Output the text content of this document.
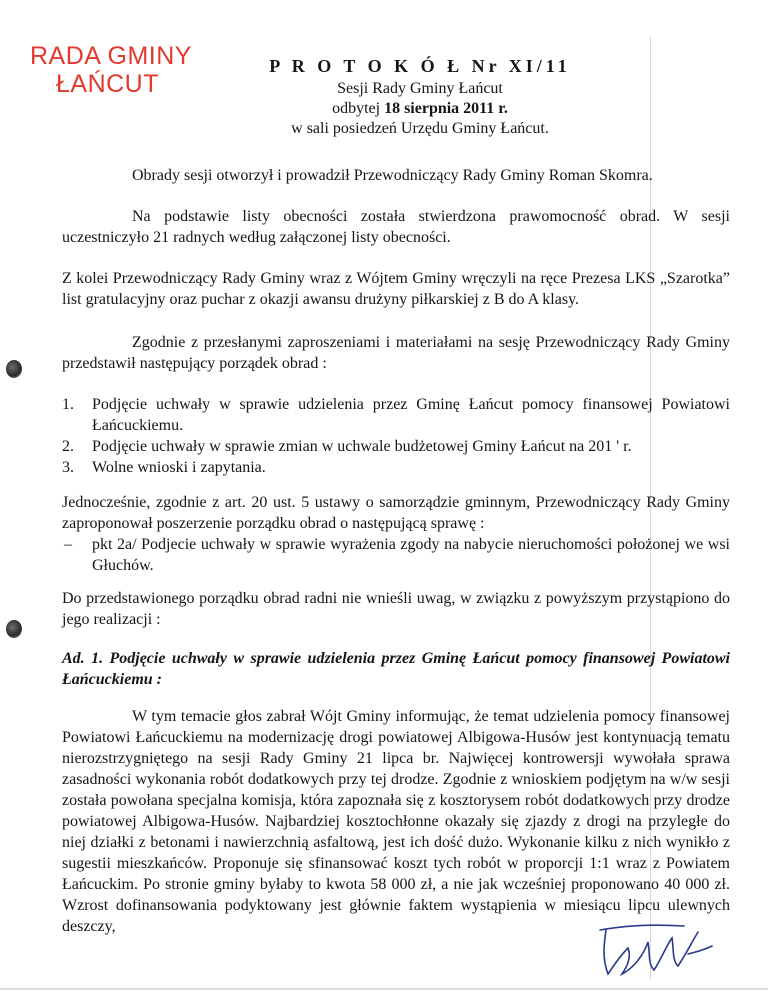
RADA GMINY
ŁAŃCUT
P R O T O K Ó Ł Nr XI/11
Sesji Rady Gminy Łańcut
odbytej 18 sierpnia 2011 r.
w sali posiedzeń Urzędu Gminy Łańcut.
Obrady sesji otworzył i prowadził Przewodniczący Rady Gminy Roman Skomra.
Na podstawie listy obecności została stwierdzona prawomocność obrad. W sesji uczestniczyło 21 radnych według załączonej listy obecności.
Z kolei Przewodniczący Rady Gminy wraz z Wójtem Gminy wręczyli na ręce Prezesa LKS „Szarotka” list gratulacyjny oraz puchar z okazji awansu drużyny piłkarskiej z B do A klasy.
Zgodnie z przesłanymi zaproszeniami i materiałami na sesję Przewodniczący Rady Gminy przedstawił następujący porządek obrad :
1. Podjęcie uchwały w sprawie udzielenia przez Gminę Łańcut pomocy finansowej Powiatowi Łańcuckiemu.
2. Podjęcie uchwały w sprawie zmian w uchwale budżetowej Gminy Łańcut na 201 ' r.
3. Wolne wnioski i zapytania.
Jednocześnie, zgodnie z art. 20 ust. 5 ustawy o samorządzie gminnym, Przewodniczący Rady Gminy zaproponował poszerzenie porządku obrad o następującą sprawę :
– pkt 2a/ Podjecie uchwały w sprawie wyrażenia zgody na nabycie nieruchomości położonej we wsi Głuchów.
Do przedstawionego porządku obrad radni nie wnieśli uwag, w związku z powyższym przystąpiono do jego realizacji :
Ad. 1. Podjęcie uchwały w sprawie udzielenia przez Gminę Łańcut pomocy finansowej Powiatowi Łańcuckiemu :
W tym temacie głos zabrał Wójt Gminy informując, że temat udzielenia pomocy finansowej Powiatowi Łańcuckiemu na modernizację drogi powiatowej Albigowa-Husów jest kontynuacją tematu nierozstrzygniętego na sesji Rady Gminy 21 lipca br. Najwięcej kontrowersji wywołała sprawa zasadności wykonania robót dodatkowych przy tej drodze. Zgodnie z wnioskiem podjętym na w/w sesji została powołana specjalna komisja, która zapoznała się z kosztorysem robót dodatkowych przy drodze powiatowej Albigowa-Husów. Najbardziej kosztochłonne okazały się zjazdy z drogi na przyległe do niej działki z betonami i nawierzchnią asfaltową, jest ich dość dużo. Wykonanie kilku z nich wynikło z sugestii mieszkańców. Proponuje się sfinansować koszt tych robót w proporcji 1:1 wraz z Powiatem Łańcuckim. Po stronie gminy byłaby to kwota 58 000 zł, a nie jak wcześniej proponowano 40 000 zł. Wzrost dofinansowania podyktowany jest głównie faktem wystąpienia w miesiącu lipcu ulewnych deszczy,
